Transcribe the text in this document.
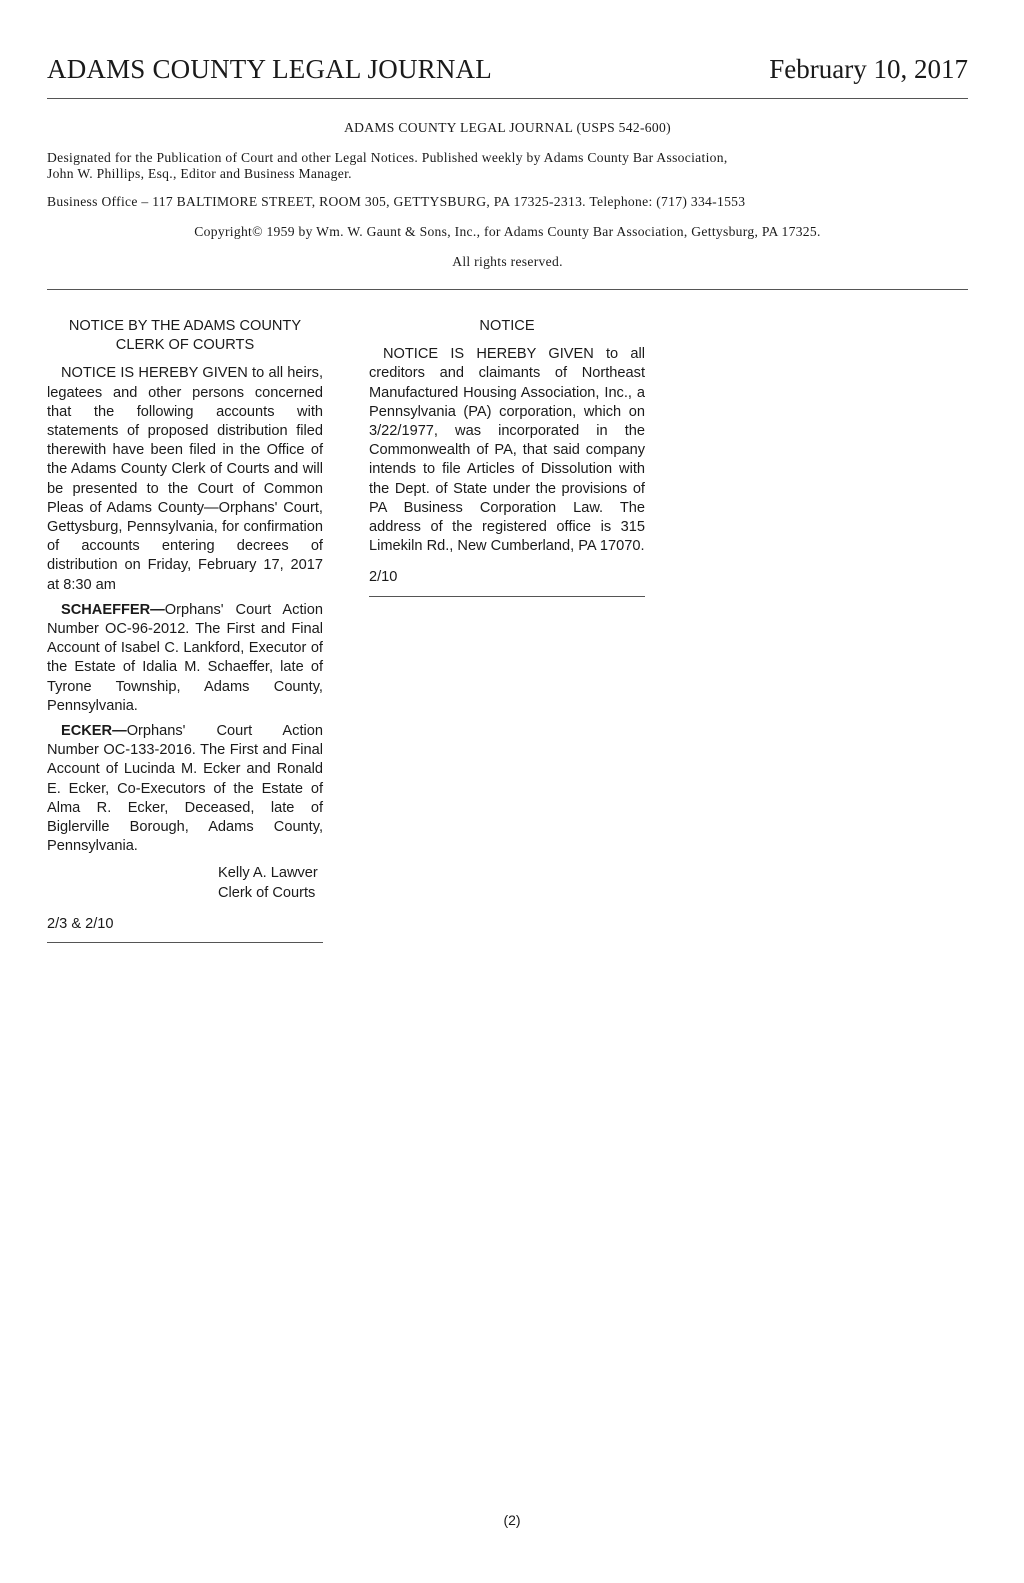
ADAMS COUNTY LEGAL JOURNAL	February 10, 2017
ADAMS COUNTY LEGAL JOURNAL (USPS 542-600)
Designated for the Publication of Court and other Legal Notices. Published weekly by Adams County Bar Association,
John W. Phillips, Esq., Editor and Business Manager.
Business Office – 117 BALTIMORE STREET, ROOM 305, GETTYSBURG, PA 17325-2313. Telephone: (717) 334-1553
Copyright© 1959 by Wm. W. Gaunt & Sons, Inc., for Adams County Bar Association, Gettysburg, PA 17325.
All rights reserved.

NOTICE BY THE ADAMS COUNTY
CLERK OF COURTS

NOTICE IS HEREBY GIVEN to all heirs, legatees and other persons concerned that the following accounts with statements of proposed distribution filed therewith have been filed in the Office of the Adams County Clerk of Courts and will be presented to the Court of Common Pleas of Adams County—Orphans' Court, Gettysburg, Pennsylvania, for confirmation of accounts entering decrees of distribution on Friday, February 17, 2017 at 8:30 am

SCHAEFFER—Orphans' Court Action Number OC-96-2012. The First and Final Account of Isabel C. Lankford, Executor of the Estate of Idalia M. Schaeffer, late of Tyrone Township, Adams County, Pennsylvania.

ECKER—Orphans' Court Action Number OC-133-2016. The First and Final Account of Lucinda M. Ecker and Ronald E. Ecker, Co-Executors of the Estate of Alma R. Ecker, Deceased, late of Biglerville Borough, Adams County, Pennsylvania.

Kelly A. Lawver
Clerk of Courts

2/3 & 2/10

NOTICE

NOTICE IS HEREBY GIVEN to all creditors and claimants of Northeast Manufactured Housing Association, Inc., a Pennsylvania (PA) corporation, which on 3/22/1977, was incorporated in the Commonwealth of PA, that said company intends to file Articles of Dissolution with the Dept. of State under the provisions of PA Business Corporation Law. The address of the registered office is 315 Limekiln Rd., New Cumberland, PA 17070.

2/10

(2)
